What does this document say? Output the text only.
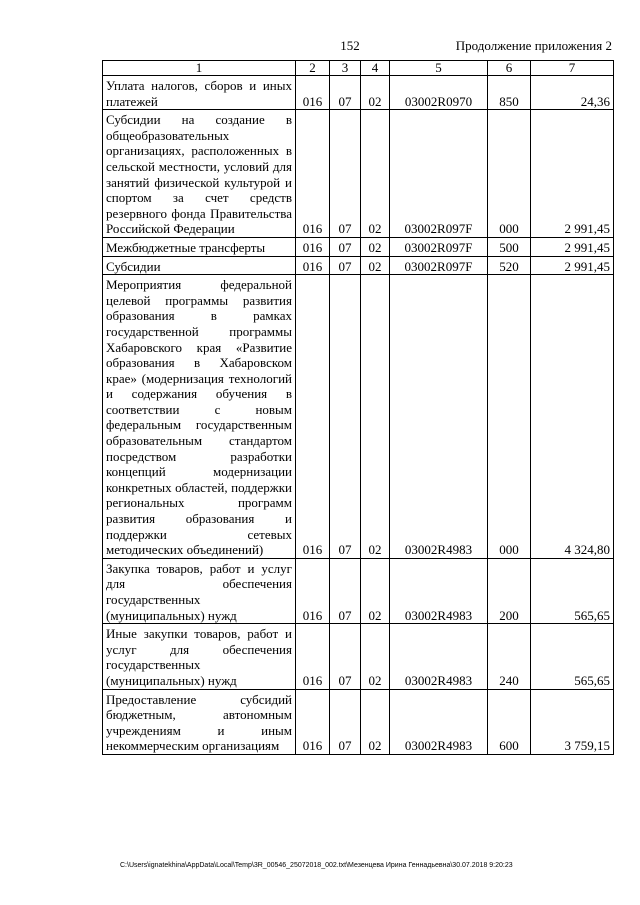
152	Продолжение приложения 2
1	2	3	4	5	6	7
Уплата налогов, сборов и иных платежей	016	07	02	03002R0970	850	24,36
Субсидии на создание в общеобразовательных организациях, расположенных в сельской местности, условий для занятий физической культурой и спортом за счет средств резервного фонда Правительства Российской Федерации	016	07	02	03002R097F	000	2 991,45
Межбюджетные трансферты	016	07	02	03002R097F	500	2 991,45
Субсидии	016	07	02	03002R097F	520	2 991,45
Мероприятия федеральной целевой программы развития образования в рамках государственной программы Хабаровского края «Развитие образования в Хабаровском крае» (модернизация технологий и содержания обучения в соответствии с новым федеральным государственным образовательным стандартом посредством разработки концепций модернизации конкретных областей, поддержки региональных программ развития образования и поддержки сетевых методических объединений)	016	07	02	03002R4983	000	4 324,80
Закупка товаров, работ и услуг для обеспечения государственных (муниципальных) нужд	016	07	02	03002R4983	200	565,65
Иные закупки товаров, работ и услуг для обеспечения государственных (муниципальных) нужд	016	07	02	03002R4983	240	565,65
Предоставление субсидий бюджетным, автономным учреждениям и иным некоммерческим организациям	016	07	02	03002R4983	600	3 759,15
C:\Users\ignatekhina\AppData\Local\Temp\3R_00546_25072018_002.txt\Мезенцева Ирина Геннадьевна\30.07.2018 9:20:23
